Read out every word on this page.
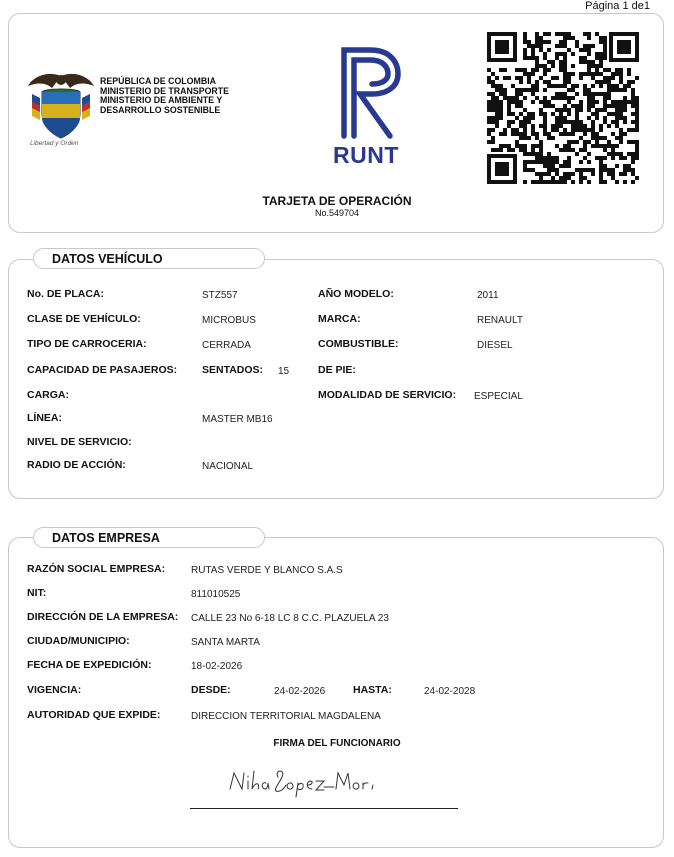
Página 1 de1
Libertad y Orden
REPÚBLICA DE COLOMBIA
MINISTERIO DE TRANSPORTE
MINISTERIO DE AMBIENTE Y
DESARROLLO SOSTENIBLE
RUNT
TARJETA DE OPERACIÓN
No.549704
DATOS VEHÍCULO
No. DE PLACA:	STZ557	AÑO MODELO:	2011
CLASE DE VEHÍCULO:	MICROBUS	MARCA:	RENAULT
TIPO DE CARROCERIA:	CERRADA	COMBUSTIBLE:	DIESEL
CAPACIDAD DE PASAJEROS: SENTADOS: 15	DE PIE:
CARGA:	MODALIDAD DE SERVICIO: ESPECIAL
LÍNEA:	MASTER MB16
NIVEL DE SERVICIO:
RADIO DE ACCIÓN:	NACIONAL
DATOS EMPRESA
RAZÓN SOCIAL EMPRESA:	RUTAS VERDE Y BLANCO S.A.S
NIT:	811010525
DIRECCIÓN DE LA EMPRESA: CALLE 23 No 6-18 LC 8 C.C. PLAZUELA 23
CIUDAD/MUNICIPIO:	SANTA MARTA
FECHA DE EXPEDICIÓN:	18-02-2026
VIGENCIA:	DESDE:	24-02-2026	HASTA:	24-02-2028
AUTORIDAD QUE EXPIDE:	DIRECCION TERRITORIAL MAGDALENA
FIRMA DEL FUNCIONARIO
